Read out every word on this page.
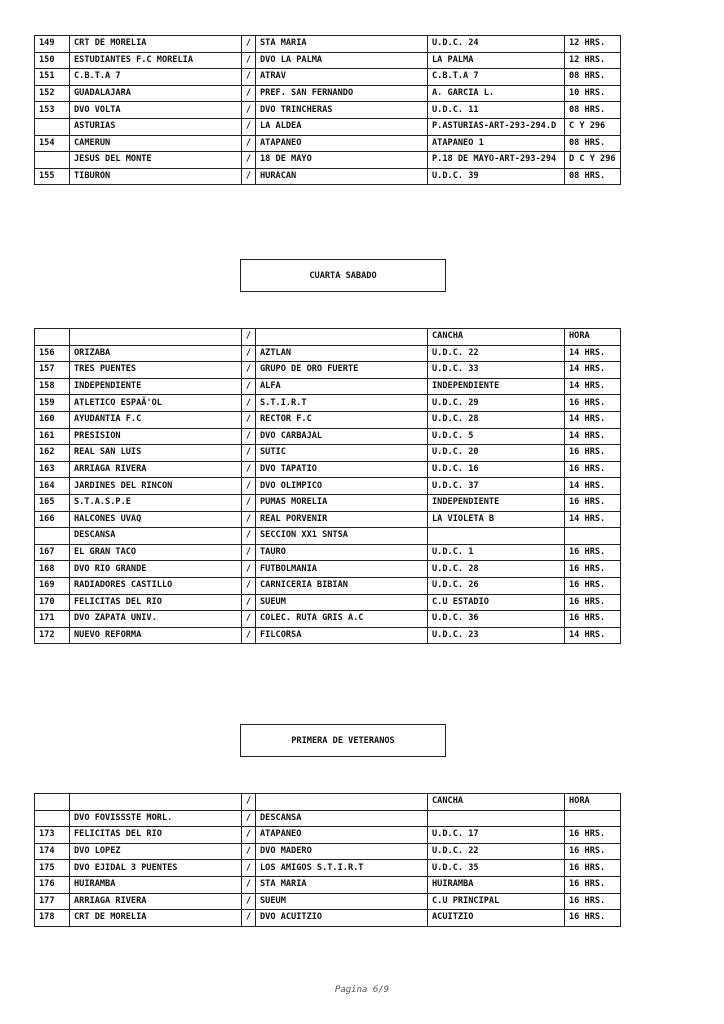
149	CRT DE MORELIA	/	STA MARIA	U.D.C. 24	12 HRS.
150	ESTUDIANTES F.C MORELIA	/	DVO LA PALMA	LA PALMA	12 HRS.
151	C.B.T.A 7	/	ATRAV	C.B.T.A 7	08 HRS.
152	GUADALAJARA	/	PREF. SAN FERNANDO	A. GARCIA L.	10 HRS.
153	DVO VOLTA	/	DVO TRINCHERAS	U.D.C. 11	08 HRS.
	ASTURIAS	/	LA ALDEA	P.ASTURIAS-ART-293-294.D	C Y 296
154	CAMERUN	/	ATAPANEO	ATAPANEO 1	08 HRS.
	JESUS DEL MONTE	/	18 DE MAYO	P.18 DE MAYO-ART-293-294	D C Y 296
155	TIBURON	/	HURACAN	U.D.C. 39	08 HRS.
CUARTA SABADO
		/		CANCHA	HORA
156	ORIZABA	/	AZTLAN	U.D.C. 22	14 HRS.
157	TRES PUENTES	/	GRUPO DE ORO FUERTE	U.D.C. 33	14 HRS.
158	INDEPENDIENTE	/	ALFA	INDEPENDIENTE	14 HRS.
159	ATLETICO ESPAÃ'OL	/	S.T.I.R.T	U.D.C. 29	16 HRS.
160	AYUDANTIA F.C	/	RECTOR F.C	U.D.C. 28	14 HRS.
161	PRESISION	/	DVO CARBAJAL	U.D.C. 5	14 HRS.
162	REAL SAN LUIS	/	SUTIC	U.D.C. 20	16 HRS.
163	ARRIAGA RIVERA	/	DVO TAPATIO	U.D.C. 16	16 HRS.
164	JARDINES DEL RINCON	/	DVO OLIMPICO	U.D.C. 37	14 HRS.
165	S.T.A.S.P.E	/	PUMAS MORELIA	INDEPENDIENTE	16 HRS.
166	HALCONES UVAQ	/	REAL PORVENIR	LA VIOLETA B	14 HRS.
	DESCANSA	/	SECCION XX1 SNTSA		
167	EL GRAN TACO	/	TAURO	U.D.C. 1	16 HRS.
168	DVO RIO GRANDE	/	FUTBOLMANIA	U.D.C. 28	16 HRS.
169	RADIADORES CASTILLO	/	CARNICERIA BIBIAN	U.D.C. 26	16 HRS.
170	FELICITAS DEL RIO	/	SUEUM	C.U ESTADIO	16 HRS.
171	DVO ZAPATA UNIV.	/	COLEC. RUTA GRIS A.C	U.D.C. 36	16 HRS.
172	NUEVO REFORMA	/	FILCORSA	U.D.C. 23	14 HRS.
PRIMERA DE VETERANOS
		/		CANCHA	HORA
	DVO FOVISSSTE MORL.	/	DESCANSA		
173	FELICITAS DEL RIO	/	ATAPANEO	U.D.C. 17	16 HRS.
174	DVO LOPEZ	/	DVO MADERO	U.D.C. 22	16 HRS.
175	DVO EJIDAL 3 PUENTES	/	LOS AMIGOS S.T.I.R.T	U.D.C. 35	16 HRS.
176	HUIRAMBA	/	STA MARIA	HUIRAMBA	16 HRS.
177	ARRIAGA RIVERA	/	SUEUM	C.U PRINCIPAL	16 HRS.
178	CRT DE MORELIA	/	DVO ACUITZIO	ACUITZIO	16 HRS.
Pagina 6/9
